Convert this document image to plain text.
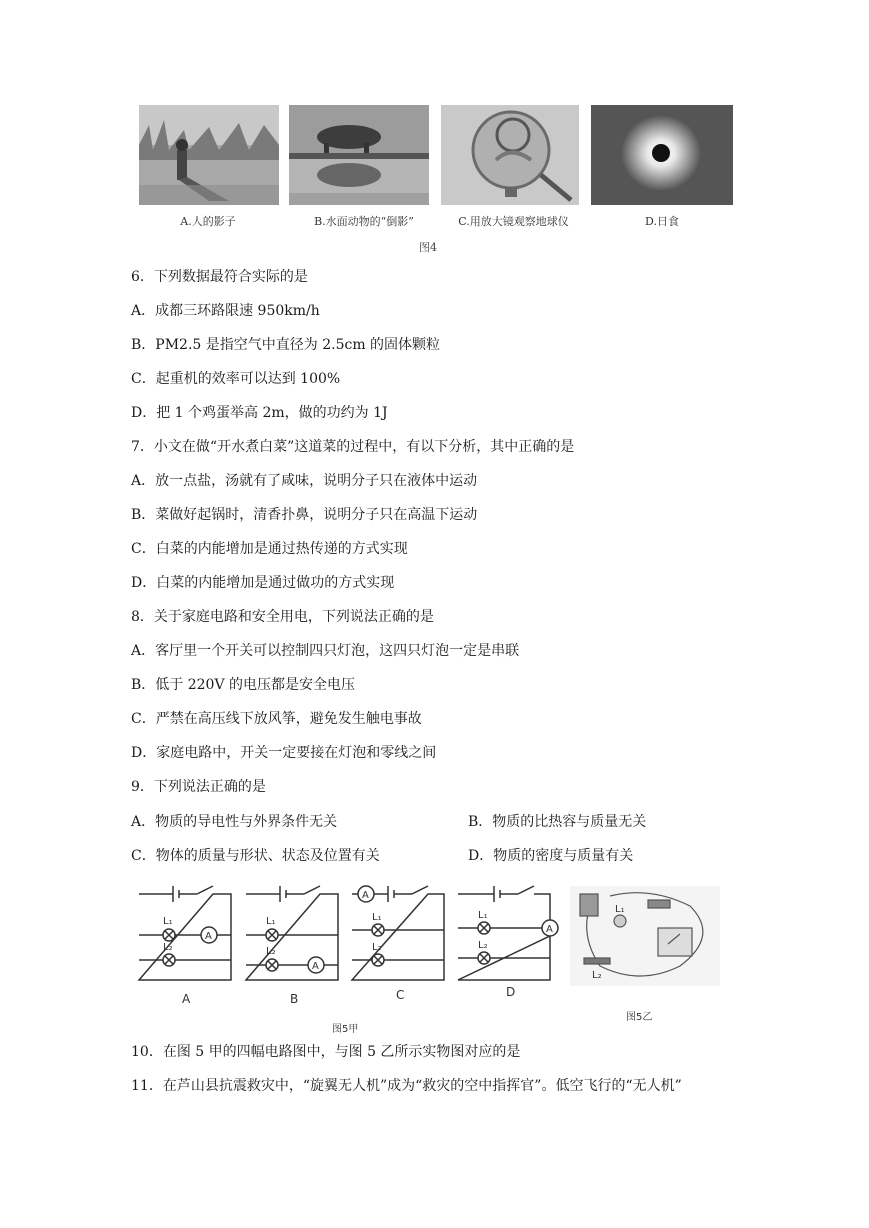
A.人的影子	B.水面动物的“倒影”	C.用放大镜观察地球仪	D.日食
图4
6．下列数据最符合实际的是
A．成都三环路限速 950km/h
B．PM2.5 是指空气中直径为 2.5cm 的固体颗粒
C．起重机的效率可以达到 100%
D．把 1 个鸡蛋举高 2m，做的功约为 1J
7．小文在做“开水煮白菜”这道菜的过程中，有以下分析，其中正确的是
A．放一点盐，汤就有了咸味，说明分子只在液体中运动
B．菜做好起锅时，清香扑鼻，说明分子只在高温下运动
C．白菜的内能增加是通过热传递的方式实现
D．白菜的内能增加是通过做功的方式实现
8．关于家庭电路和安全用电，下列说法正确的是
A．客厅里一个开关可以控制四只灯泡，这四只灯泡一定是串联
B．低于 220V 的电压都是安全电压
C．严禁在高压线下放风筝，避免发生触电事故
D．家庭电路中，开关一定要接在灯泡和零线之间
9．下列说法正确的是
A．物质的导电性与外界条件无关	B．物质的比热容与质量无关
C．物体的质量与形状、状态及位置有关	D．物质的密度与质量有关
A
L₁
L₂
A
A
L₁
L₂
B
A
L₁
L₂
C
A
L₁
L₂
D
L₁
L₂
图5甲
图5乙
10．在图 5 甲的四幅电路图中，与图 5 乙所示实物图对应的是
11．在芦山县抗震救灾中，“旋翼无人机”成为“救灾的空中指挥官”。低空飞行的“无人机”
